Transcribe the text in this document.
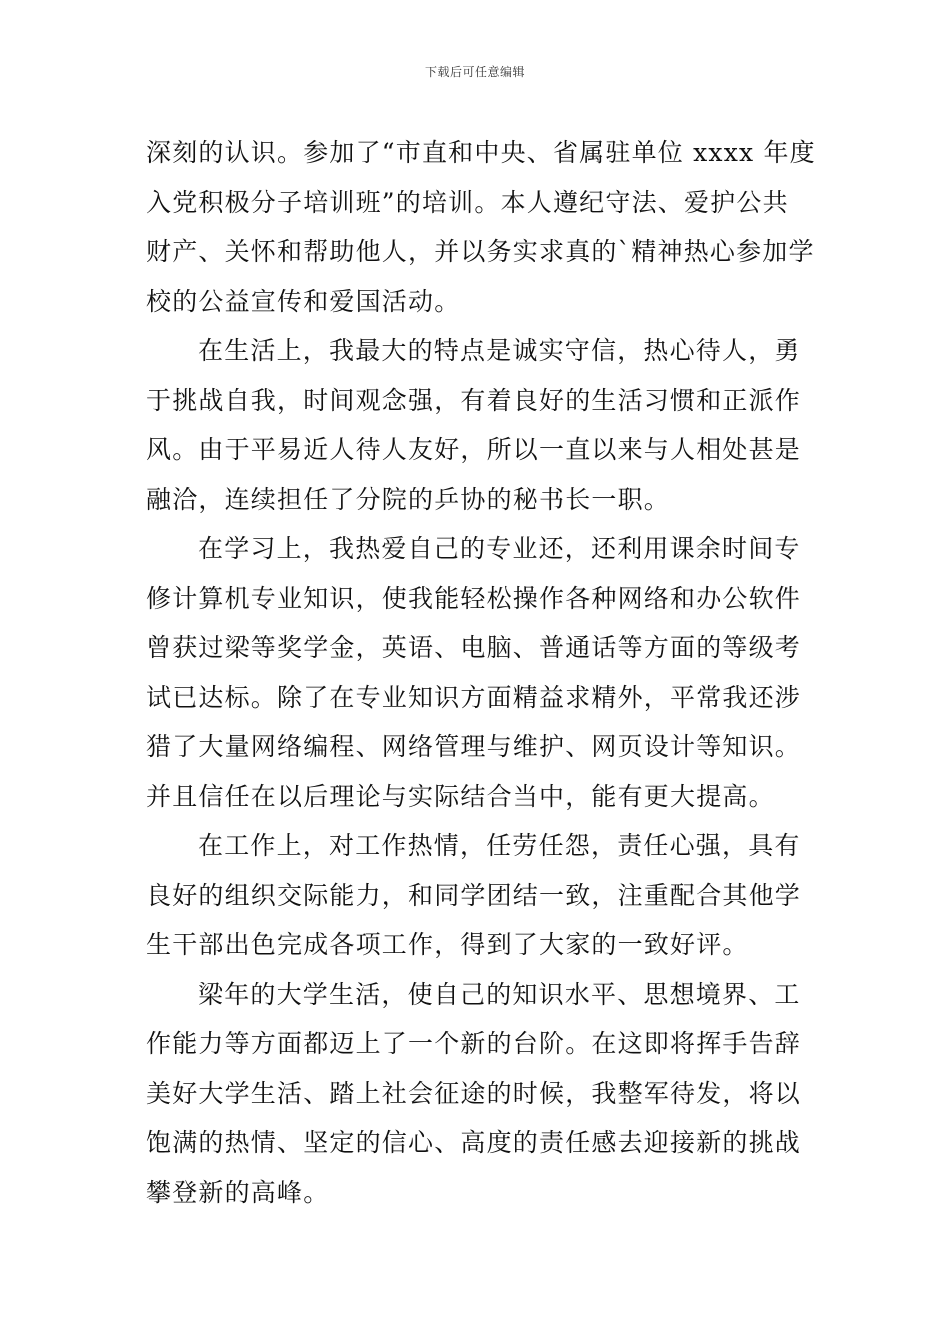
下载后可任意编辑

深刻的认识。参加了“市直和中央、省属驻单位 xxxx 年度
入党积极分子培训班”的培训。本人遵纪守法、爱护公共
财产、关怀和帮助他人，并以务实求真的`精神热心参加学
校的公益宣传和爱国活动。

在生活上，我最大的特点是诚实守信，热心待人，勇
于挑战自我，时间观念强，有着良好的生活习惯和正派作
风。由于平易近人待人友好，所以一直以来与人相处甚是
融洽，连续担任了分院的乒协的秘书长一职。

在学习上，我热爱自己的专业还，还利用课余时间专
修计算机专业知识，使我能轻松操作各种网络和办公软件
曾获过梁等奖学金，英语、电脑、普通话等方面的等级考
试已达标。除了在专业知识方面精益求精外，平常我还涉
猎了大量网络编程、网络管理与维护、网页设计等知识。
并且信任在以后理论与实际结合当中，能有更大提高。

在工作上，对工作热情，任劳任怨，责任心强，具有
良好的组织交际能力，和同学团结一致，注重配合其他学
生干部出色完成各项工作，得到了大家的一致好评。

梁年的大学生活，使自己的知识水平、思想境界、工
作能力等方面都迈上了一个新的台阶。在这即将挥手告辞
美好大学生活、踏上社会征途的时候，我整军待发，将以
饱满的热情、坚定的信心、高度的责任感去迎接新的挑战
攀登新的高峰。
